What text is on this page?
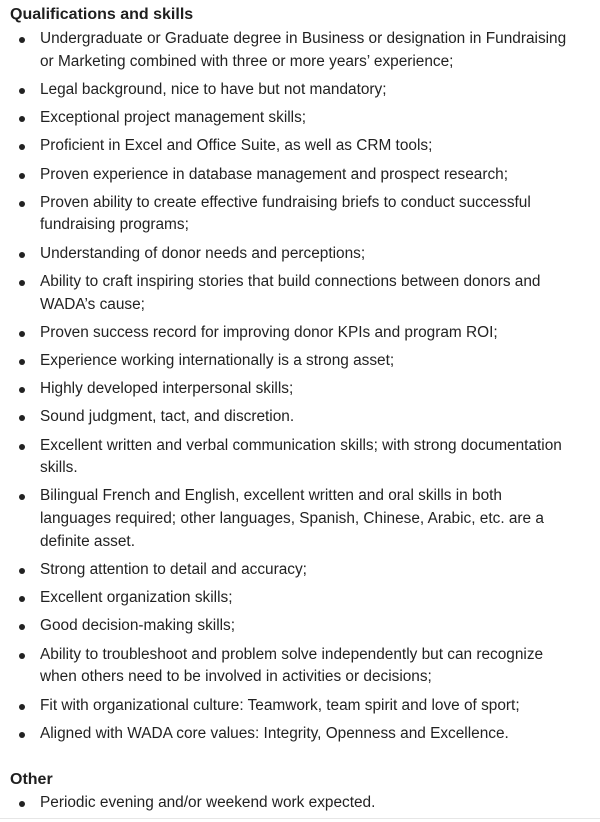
Qualifications and skills
Undergraduate or Graduate degree in Business or designation in Fundraising or Marketing combined with three or more years’ experience;
Legal background, nice to have but not mandatory;
Exceptional project management skills;
Proficient in Excel and Office Suite, as well as CRM tools;
Proven experience in database management and prospect research;
Proven ability to create effective fundraising briefs to conduct successful fundraising programs;
Understanding of donor needs and perceptions;
Ability to craft inspiring stories that build connections between donors and WADA’s cause;
Proven success record for improving donor KPIs and program ROI;
Experience working internationally is a strong asset;
Highly developed interpersonal skills;
Sound judgment, tact, and discretion.
Excellent written and verbal communication skills; with strong documentation skills.
Bilingual French and English, excellent written and oral skills in both languages required; other languages, Spanish, Chinese, Arabic, etc. are a definite asset.
Strong attention to detail and accuracy;
Excellent organization skills;
Good decision-making skills;
Ability to troubleshoot and problem solve independently but can recognize when others need to be involved in activities or decisions;
Fit with organizational culture: Teamwork, team spirit and love of sport;
Aligned with WADA core values: Integrity, Openness and Excellence.
Other
Periodic evening and/or weekend work expected.
